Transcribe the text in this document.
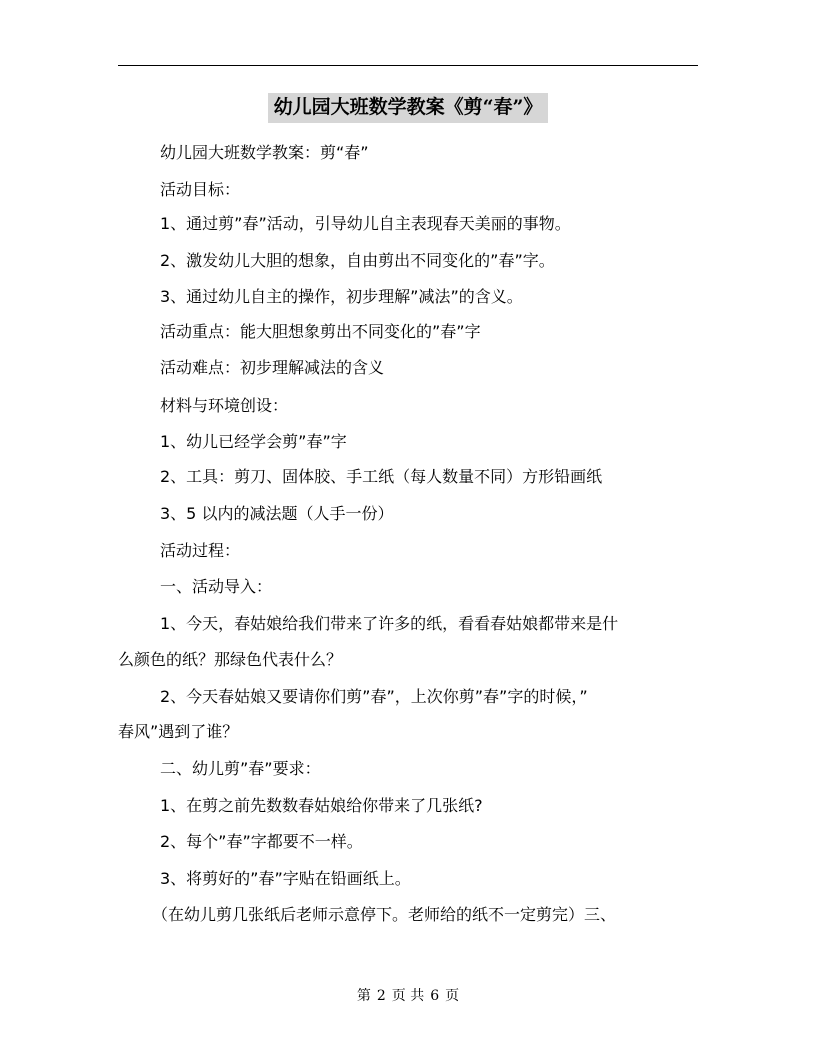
幼儿园大班数学教案《剪“春”》
幼儿园大班数学教案：剪“春”
活动目标：
1、通过剪”春”活动，引导幼儿自主表现春天美丽的事物。
2、激发幼儿大胆的想象，自由剪出不同变化的”春”字。
3、通过幼儿自主的操作，初步理解”减法”的含义。
活动重点：能大胆想象剪出不同变化的”春”字
活动难点：初步理解减法的含义
材料与环境创设：
1、幼儿已经学会剪”春”字
2、工具：剪刀、固体胶、手工纸（每人数量不同）方形铅画纸
3、5 以内的减法题（人手一份）
活动过程：
一、活动导入：
1、今天，春姑娘给我们带来了许多的纸，看看春姑娘都带来是什
么颜色的纸？那绿色代表什么？
2、今天春姑娘又要请你们剪”春”，上次你剪”春”字的时候，”
春风”遇到了谁？
二、幼儿剪”春”要求：
1、在剪之前先数数春姑娘给你带来了几张纸?
2、每个”春”字都要不一样。
3、将剪好的”春”字贴在铅画纸上。
（在幼儿剪几张纸后老师示意停下。老师给的纸不一定剪完）三、
第 2 页 共 6 页
